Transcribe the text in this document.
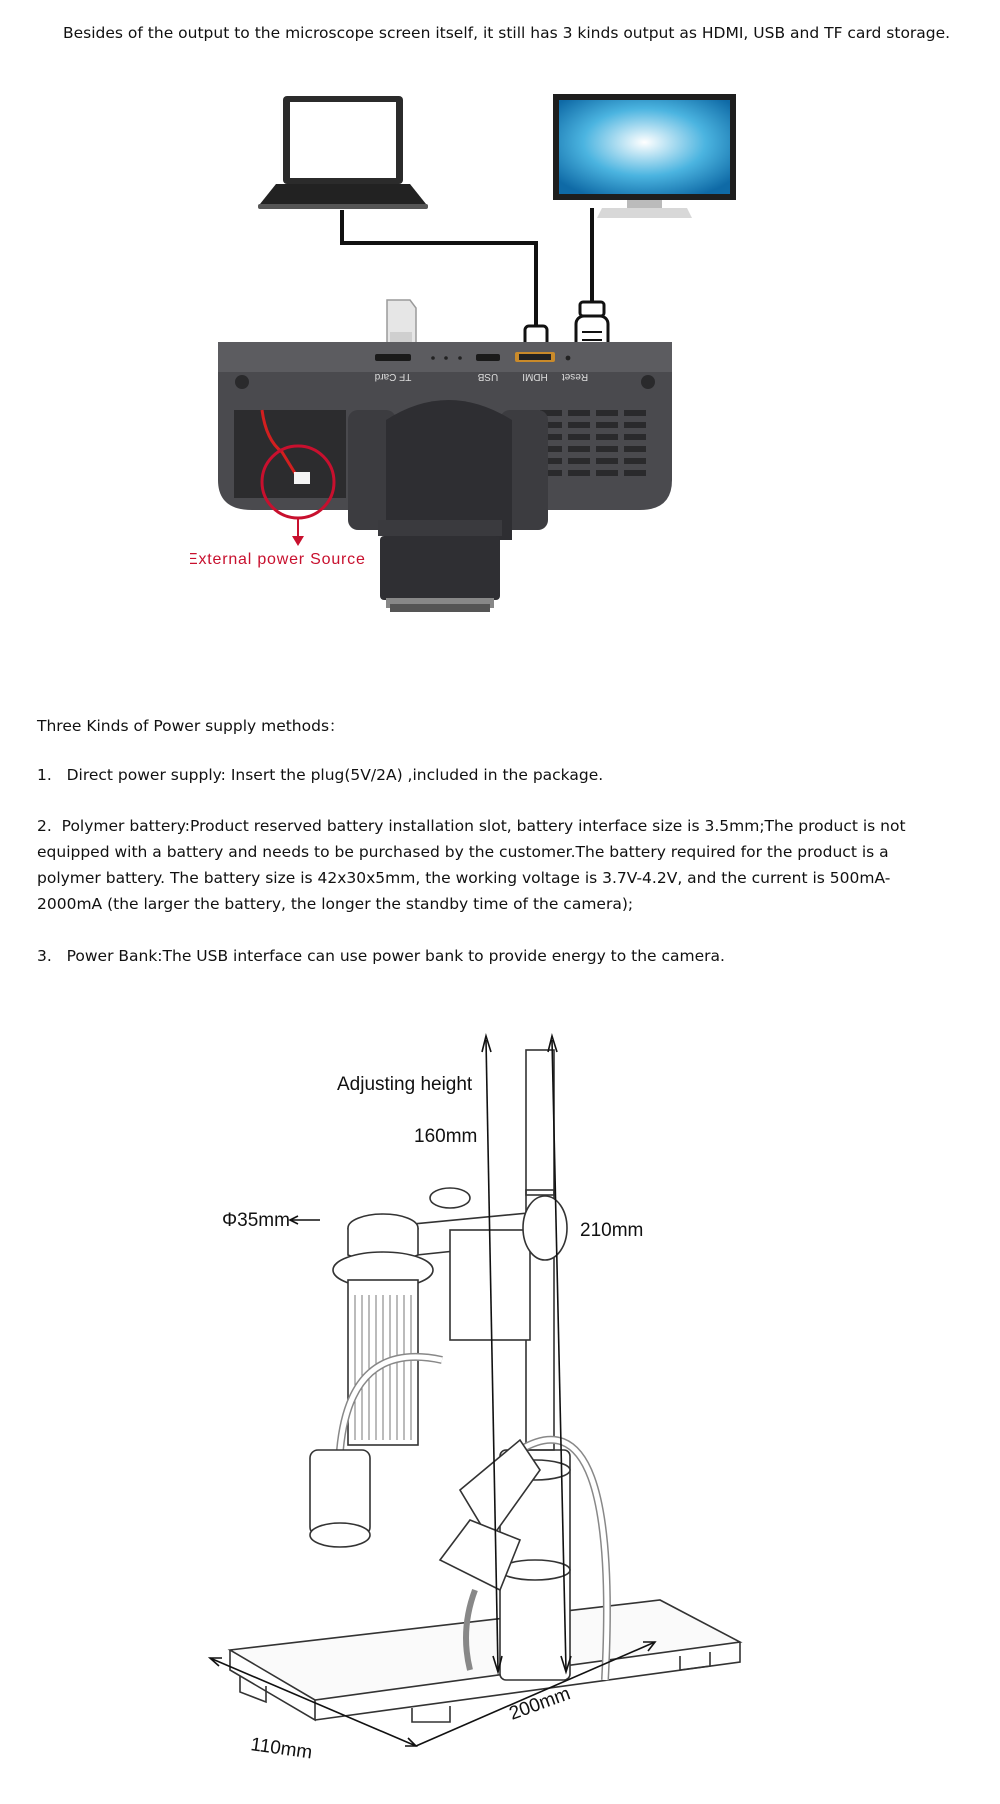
Besides of the output to the microscope screen itself, it still has 3 kinds output as HDMI, USB and TF card storage.
TF Card	USB HDMI Reset
External power Source
Three Kinds of Power supply methods：
1. Direct power supply: Insert the plug(5V/2A) ,included in the package.
2. Polymer battery:Product reserved battery installation slot, battery interface size is 3.5mm;The product is not equipped with a battery and needs to be purchased by the customer.The battery required for the product is a polymer battery. The battery size is 42x30x5mm, the working voltage is 3.7V-4.2V, and the current is 500mA-2000mA (the larger the battery, the longer the standby time of the camera);
3. Power Bank:The USB interface can use power bank to provide energy to the camera.
Adjusting height
160mm
Φ35mm	210mm
110mm
200mm
